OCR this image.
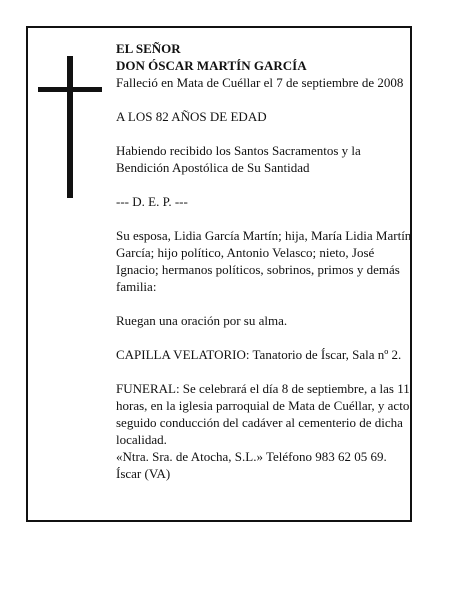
EL SEÑOR

DON ÓSCAR MARTÍN GARCÍA

Falleció en Mata de Cuéllar el 7 de septiembre de 2008

A LOS 82 AÑOS DE EDAD

Habiendo recibido los Santos Sacramentos y la Bendición Apostólica de Su Santidad

--- D. E. P. ---

Su esposa, Lidia García Martín; hija, María Lidia Martín García; hijo político, Antonio Velasco; nieto, José Ignacio; hermanos políticos, sobrinos, primos y demás familia:

Ruegan una oración por su alma.

CAPILLA VELATORIO: Tanatorio de Íscar, Sala nº 2.

FUNERAL: Se celebrará el día 8 de septiembre, a las 11 horas, en la iglesia parroquial de Mata de Cuéllar, y acto seguido conducción del cadáver al cementerio de dicha localidad.

«Ntra. Sra. de Atocha, S.L.» Teléfono 983 62 05 69.

Íscar (VA)
